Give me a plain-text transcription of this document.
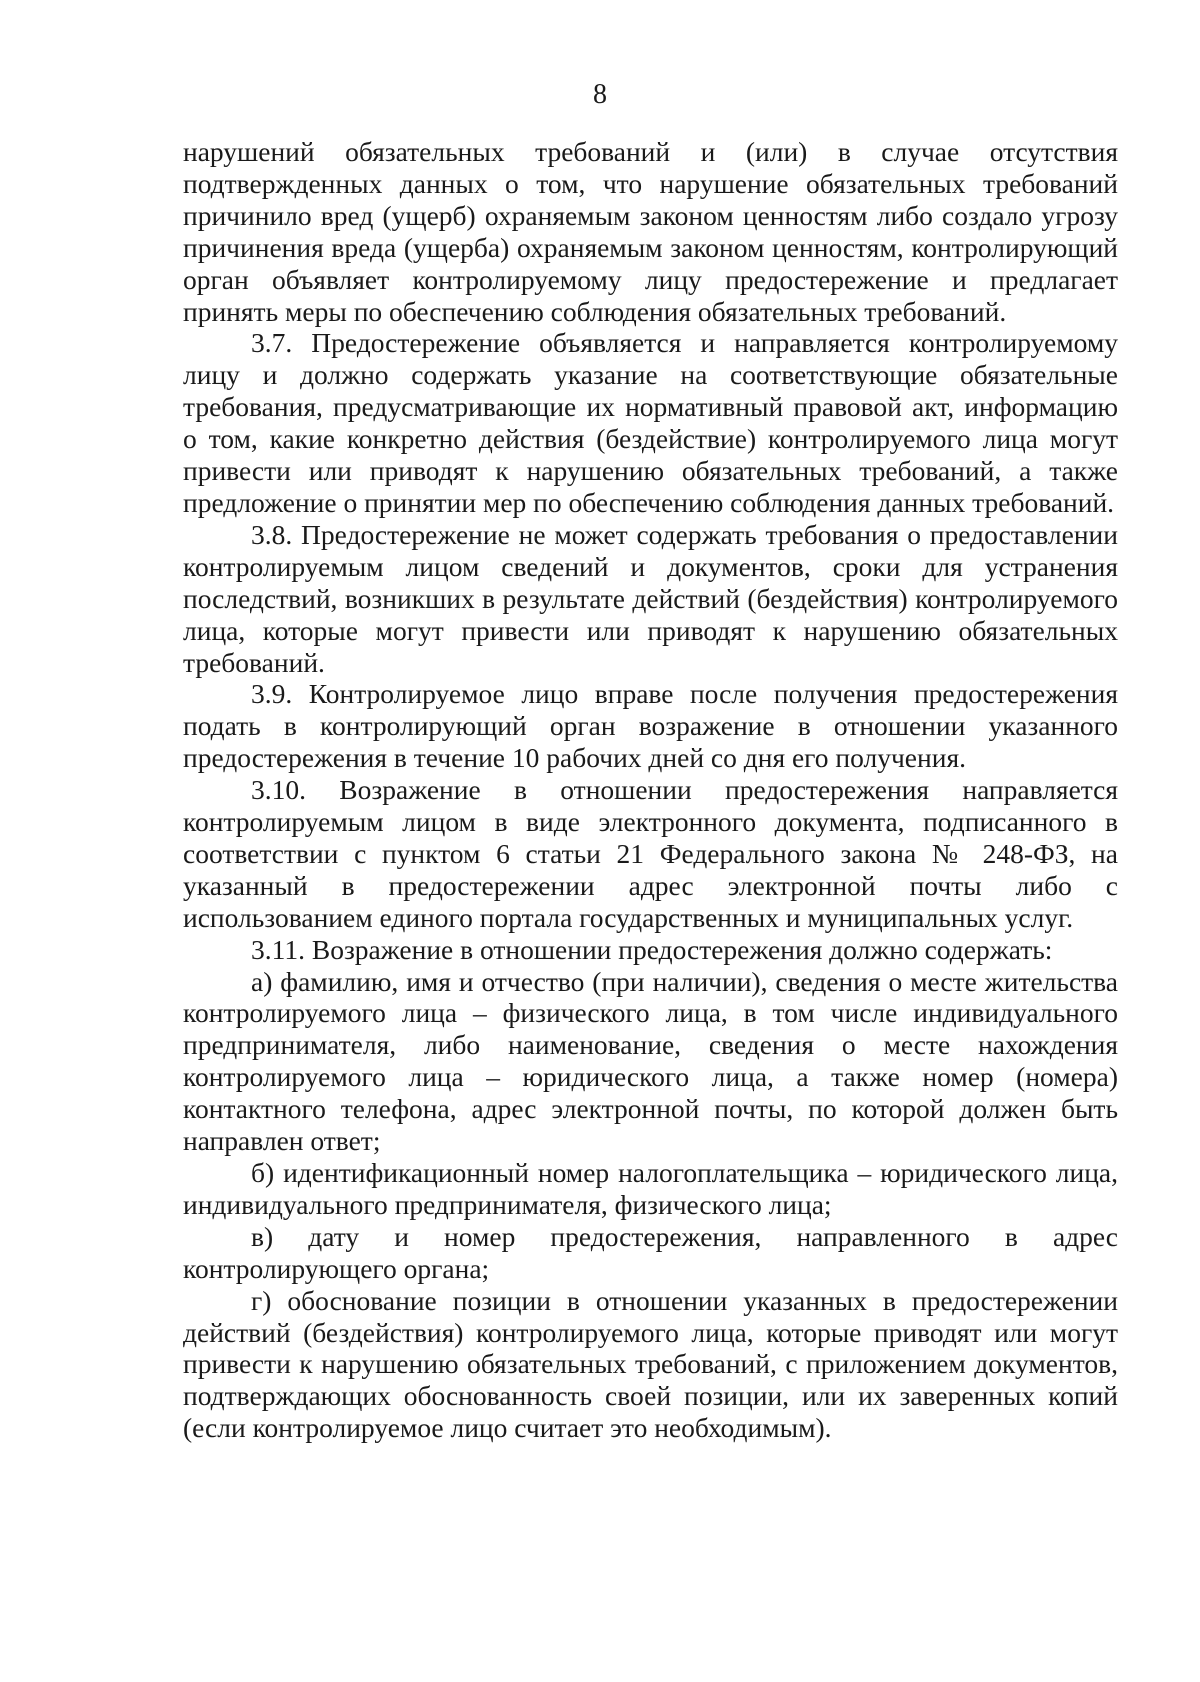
8

нарушений обязательных требований и (или) в случае отсутствия подтвержденных данных о том, что нарушение обязательных требований причинило вред (ущерб) охраняемым законом ценностям либо создало угрозу причинения вреда (ущерба) охраняемым законом ценностям, контролирующий орган объявляет контролируемому лицу предостережение и предлагает принять меры по обеспечению соблюдения обязательных требований.

3.7. Предостережение объявляется и направляется контролируемому лицу и должно содержать указание на соответствующие обязательные требования, предусматривающие их нормативный правовой акт, информацию о том, какие конкретно действия (бездействие) контролируемого лица могут привести или приводят к нарушению обязательных требований, а также предложение о принятии мер по обеспечению соблюдения данных требований.

3.8. Предостережение не может содержать требования о предоставлении контролируемым лицом сведений и документов, сроки для устранения последствий, возникших в результате действий (бездействия) контролируемого лица, которые могут привести или приводят к нарушению обязательных требований.

3.9. Контролируемое лицо вправе после получения предостережения подать в контролирующий орган возражение в отношении указанного предостережения в течение 10 рабочих дней со дня его получения.

3.10. Возражение в отношении предостережения направляется контролируемым лицом в виде электронного документа, подписанного в соответствии с пунктом 6 статьи 21 Федерального закона № 248-ФЗ, на указанный в предостережении адрес электронной почты либо с использованием единого портала государственных и муниципальных услуг.

3.11. Возражение в отношении предостережения должно содержать:

а) фамилию, имя и отчество (при наличии), сведения о месте жительства контролируемого лица – физического лица, в том числе индивидуального предпринимателя, либо наименование, сведения о месте нахождения контролируемого лица – юридического лица, а также номер (номера) контактного телефона, адрес электронной почты, по которой должен быть направлен ответ;

б) идентификационный номер налогоплательщика – юридического лица, индивидуального предпринимателя, физического лица;

в) дату и номер предостережения, направленного в адрес контролирующего органа;

г) обоснование позиции в отношении указанных в предостережении действий (бездействия) контролируемого лица, которые приводят или могут привести к нарушению обязательных требований, с приложением документов, подтверждающих обоснованность своей позиции, или их заверенных копий (если контролируемое лицо считает это необходимым).
